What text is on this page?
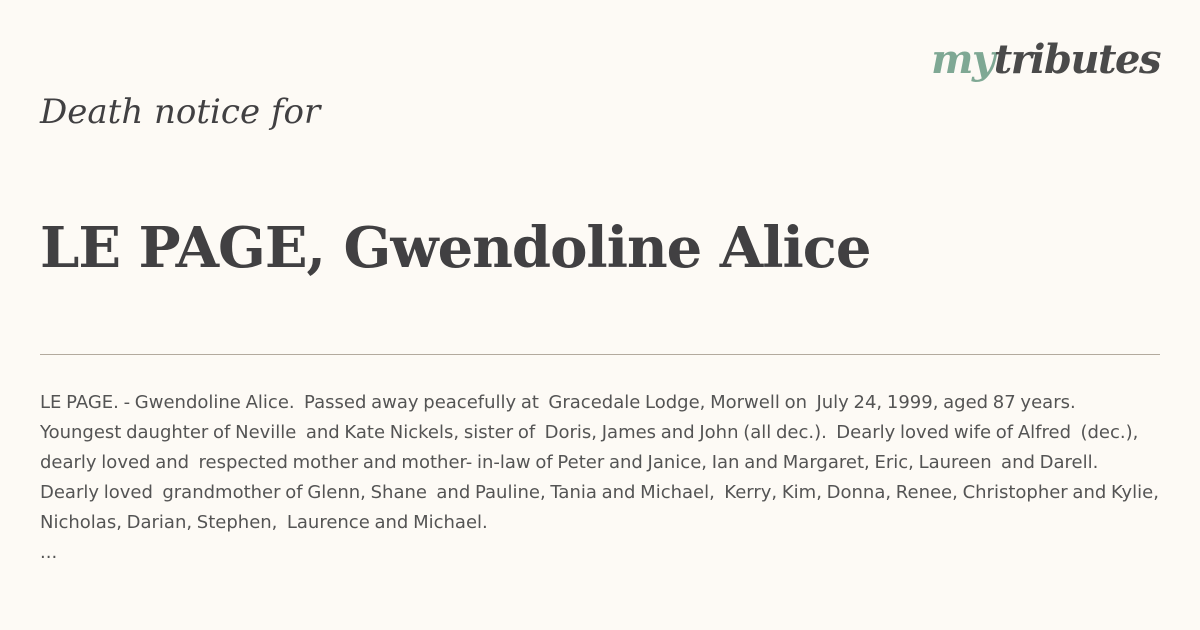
mytributes
Death notice for
LE PAGE, Gwendoline Alice
LE PAGE. - Gwendoline Alice.  Passed away peacefully at  Gracedale Lodge, Morwell on  July 24, 1999, aged 87 years.  Youngest daughter of Neville  and Kate Nickels, sister of  Doris, James and John (all dec.).  Dearly loved wife of Alfred  (dec.), dearly loved and  respected mother and mother- in-law of Peter and Janice, Ian and Margaret, Eric, Laureen  and Darell.  Dearly loved  grandmother of Glenn, Shane  and Pauline, Tania and Michael,  Kerry, Kim, Donna, Renee, Christopher and Kylie,  Nicholas, Darian, Stephen,  Laurence and Michael.
...
